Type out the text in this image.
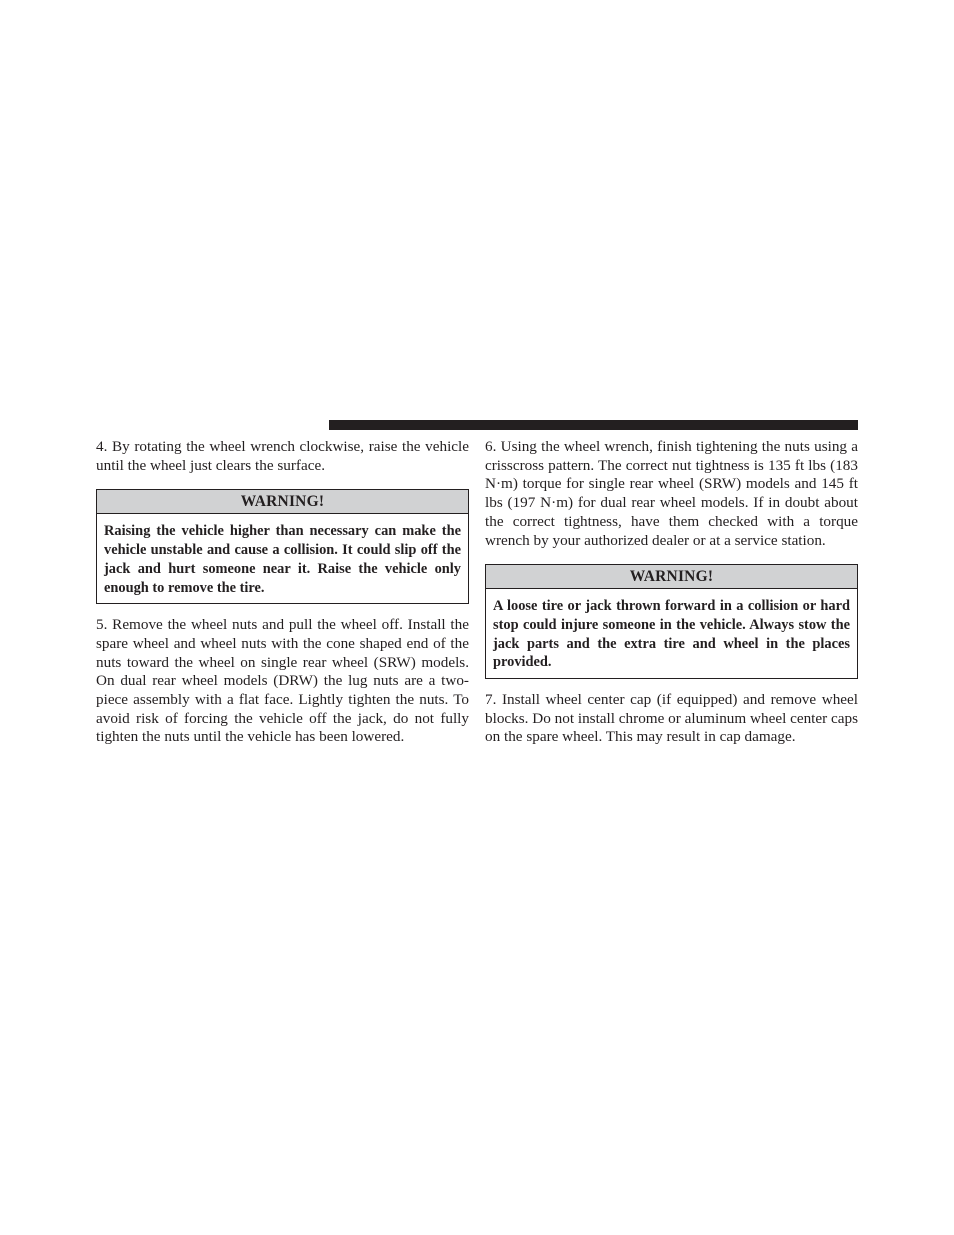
4. By rotating the wheel wrench clockwise, raise the vehicle until the wheel just clears the surface.

WARNING!

Raising the vehicle higher than necessary can make the vehicle unstable and cause a collision. It could slip off the jack and hurt someone near it. Raise the vehicle only enough to remove the tire.

5. Remove the wheel nuts and pull the wheel off. Install the spare wheel and wheel nuts with the cone shaped end of the nuts toward the wheel on single rear wheel (SRW) models. On dual rear wheel models (DRW) the lug nuts are a two-piece assembly with a flat face. Lightly tighten the nuts. To avoid risk of forcing the vehicle off the jack, do not fully tighten the nuts until the vehicle has been lowered.

6. Using the wheel wrench, finish tightening the nuts using a crisscross pattern. The correct nut tightness is 135 ft lbs (183 N·m) torque for single rear wheel (SRW) models and 145 ft lbs (197 N·m) for dual rear wheel models. If in doubt about the correct tightness, have them checked with a torque wrench by your authorized dealer or at a service station.

WARNING!

A loose tire or jack thrown forward in a collision or hard stop could injure someone in the vehicle. Always stow the jack parts and the extra tire and wheel in the places provided.

7. Install wheel center cap (if equipped) and remove wheel blocks. Do not install chrome or aluminum wheel center caps on the spare wheel. This may result in cap damage.
